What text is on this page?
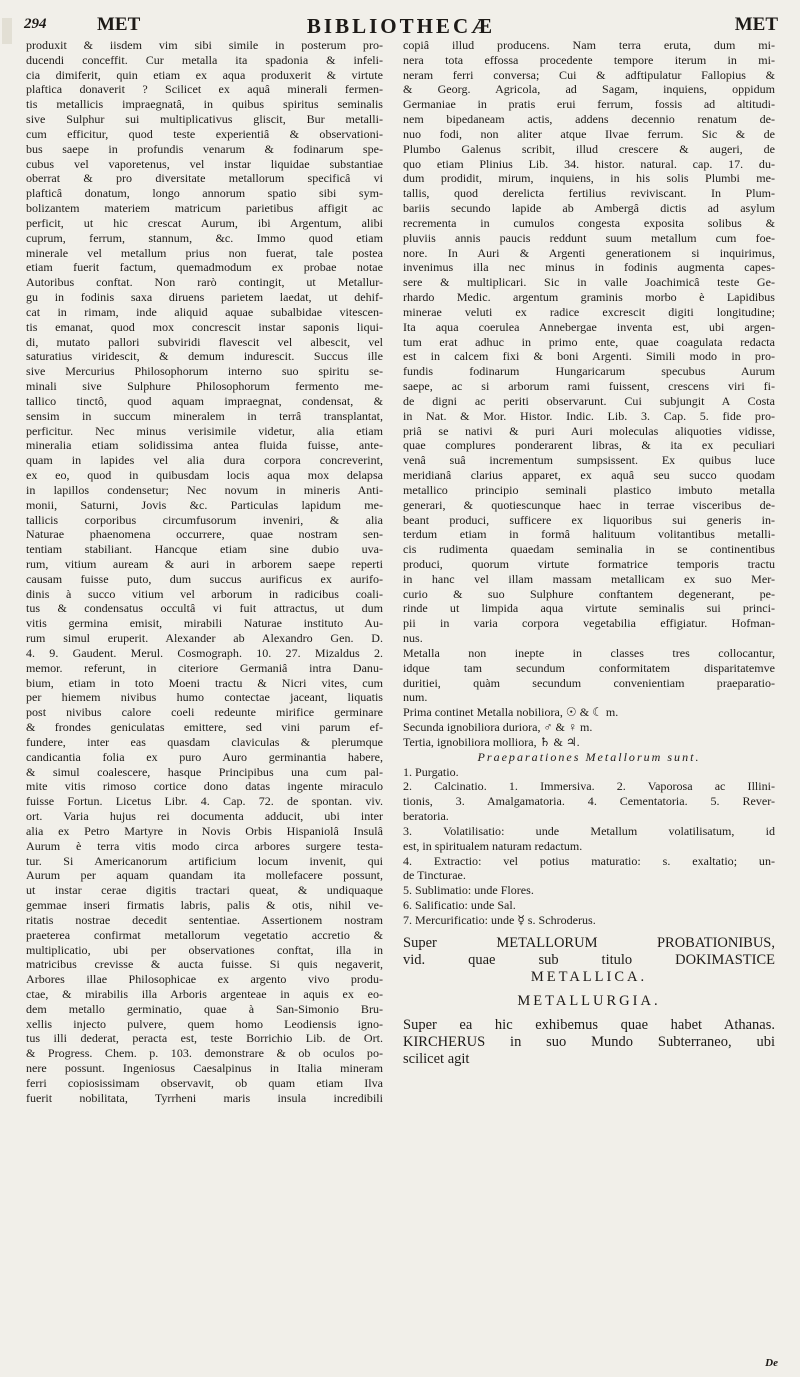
294	MET	BIBLIOTHECÆ	MET
produxit & iisdem vim sibi simile in posterum pro-
ducendi conceffit. Cur metalla ita spadonia & infeli-
cia dimiferit, quin etiam ex aqua produxerit & virtute
plaftica donaverit ? Scilicet ex aquâ minerali fermen-
tis metallicis impraegnatâ, in quibus spiritus seminalis
sive Sulphur sui multiplicativus gliscit, Bur metalli-
cum efficitur, quod teste experientiâ & observationi-
bus saepe in profundis venarum & fodinarum spe-
cubus vel vaporetenus, vel instar liquidae substantiae
oberrat & pro diversitate metallorum specificâ vi
plafticâ donatum, longo annorum spatio sibi sym-
bolizantem materiem matricum parietibus affigit ac
perficit, ut hic crescat Aurum, ibi Argentum, alibi
cuprum, ferrum, stannum, &c. Immo quod etiam
minerale vel metallum prius non fuerat, tale postea
etiam fuerit factum, quemadmodum ex probae notae
Autoribus conftat. Non rarò contingit, ut Metallur-
gu in fodinis saxa diruens parietem laedat, ut dehif-
cat in rimam, inde aliquid aquae subalbidae vitescen-
tis emanat, quod mox concrescit instar saponis liqui-
di, mutato pallori subviridi flavescit vel albescit, vel
saturatius viridescit, & demum indurescit. Succus ille
sive Mercurius Philosophorum interno suo spiritu se-
minali sive Sulphure Philosophorum fermento me-
tallico tinctô, quod aquam impraegnat, condensat, &
sensim in succum mineralem in terrâ transplantat,
perficitur. Nec minus verisimile videtur, alia etiam
mineralia etiam solidissima antea fluida fuisse, ante-
quam in lapides vel alia dura corpora concreverint,
ex eo, quod in quibusdam locis aqua mox delapsa
in lapillos condensetur; Nec novum in mineris Anti-
monii, Saturni, Jovis &c. Particulas lapidum me-
tallicis corporibus circumfusorum inveniri, & alia
Naturae phaenomena occurrere, quae nostram sen-
tentiam stabiliant. Hancque etiam sine dubio uva-
rum, vitium auream & auri in arborem saepe reperti
causam fuisse puto, dum succus aurificus ex aurifo-
dinis à succo vitium vel arborum in radicibus coali-
tus & condensatus occultâ vi fuit attractus, ut dum
vitis germina emisit, mirabili Naturae instituto Au-
rum simul eruperit. Alexander ab Alexandro Gen. D.
4. 9. Gaudent. Merul. Cosmograph. 10. 27. Mizaldus 2.
memor. referunt, in citeriore Germaniâ intra Danu-
bium, etiam in toto Moeni tractu & Nicri vites, cum
per hiemem nivibus humo contectae jaceant, liquatis
post nivibus calore coeli redeunte mirifice germinare
& frondes geniculatas emittere, sed vini parum ef-
fundere, inter eas quasdam claviculas & plerumque
candicantia folia ex puro Auro germinantia habere,
& simul coalescere, hasque Principibus una cum pal-
mite vitis rimoso cortice dono datas ingente miraculo
fuisse Fortun. Licetus Libr. 4. Cap. 72. de spontan. viv.
ort. Varia hujus rei documenta adducit, ubi inter
alia ex Petro Martyre in Novis Orbis Hispaniolâ Insulâ
Aurum è terra vitis modo circa arbores surgere testa-
tur. Si Americanorum artificium locum invenit, qui
Aurum per aquam quandam ita mollefacere possunt,
ut instar cerae digitis tractari queat, & undiquaque
gemmae inseri firmatis labris, palis & otis, nihil ve-
ritatis nostrae decedit sententiae. Assertionem nostram
praeterea confirmat metallorum vegetatio accretio &
multiplicatio, ubi per observationes conftat, illa in
matricibus crevisse & aucta fuisse. Si quis negaverit,
Arbores illae Philosophicae ex argento vivo produ-
ctae, & mirabilis illa Arboris argenteae in aquis ex eo-
dem metallo germinatio, quae à San-Simonio Bru-
xellis injecto pulvere, quem homo Leodiensis igno-
tus illi dederat, peracta est, teste Borrichio Lib. de Ort.
& Progress. Chem. p. 103. demonstrare & ob oculos po-
nere possunt. Ingeniosus Caesalpinus in Italia mineram
ferri copiosissimam observavit, ob quam etiam Ilva
fuerit nobilitata, Tyrrheni maris insula incredibili
copiâ illud producens. Nam terra eruta, dum mi-
nera tota effossa procedente tempore iterum in mi-
neram ferri conversa; Cui & adftipulatur Fallopius &
& Georg. Agricola, ad Sagam, inquiens, oppidum
Germaniae in pratis erui ferrum, fossis ad altitudi-
nem bipedaneam actis, addens decennio renatum de-
nuo fodi, non aliter atque Ilvae ferrum. Sic & de
Plumbo Galenus scribit, illud crescere & augeri, de
quo etiam Plinius Lib. 34. histor. natural. cap. 17. du-
dum prodidit, mirum, inquiens, in his solis Plumbi me-
tallis, quod derelicta fertilius reviviscant. In Plum-
bariis secundo lapide ab Ambergâ dictis ad asylum
recrementa in cumulos congesta exposita solibus &
pluviis annis paucis reddunt suum metallum cum foe-
nore. In Auri & Argenti generationem si inquirimus,
invenimus illa nec minus in fodinis augmenta capes-
sere & multiplicari. Sic in valle Joachimicâ teste Ge-
rhardo Medic. argentum graminis morbo è Lapidibus
minerae veluti ex radice excrescit digiti longitudine;
Ita aqua coerulea Annebergae inventa est, ubi argen-
tum erat adhuc in primo ente, quae coagulata redacta
est in calcem fixi & boni Argenti. Simili modo in pro-
fundis fodinarum Hungaricarum specubus Aurum
saepe, ac si arborum rami fuissent, crescens viri fi-
de digni ac periti observarunt. Cui subjungit A Costa
in Nat. & Mor. Histor. Indic. Lib. 3. Cap. 5. fide pro-
priâ se nativi & puri Auri moleculas aliquoties vidisse,
quae complures ponderarent libras, & ita ex peculiari
venâ suâ incrementum sumpsissent. Ex quibus luce
meridianâ clarius apparet, ex aquâ seu succo quodam
metallico principio seminali plastico imbuto metalla
generari, & quotiescunque haec in terrae visceribus de-
beant produci, sufficere ex liquoribus sui generis in-
terdum etiam in formâ halituum volitantibus metalli-
cis rudimenta quaedam seminalia in se continentibus
produci, quorum virtute formatrice temporis tractu
in hanc vel illam massam metallicam ex suo Mer-
curio & suo Sulphure conftantem degenerant, pe-
rinde ut limpida aqua virtute seminalis sui princi-
pii in varia corpora vegetabilia effigiatur. Hofman-
nus.
Metalla non inepte in classes tres collocantur,
idque tam secundum conformitatem disparitatemve
duritiei, quàm secundum convenientiam praeparatio-
num.
Prima continet Metalla nobiliora, ☉ & ☾ m.
Secunda ignobiliora duriora, ♂ & ♀ m.
Tertia, ignobiliora molliora, ♄ & ♃.
Praeparationes Metallorum sunt.
1. Purgatio.
2. Calcinatio. 1. Immersiva. 2. Vaporosa ac Illini-
tionis, 3. Amalgamatoria. 4. Cementatoria. 5. Rever-
beratoria.
3. Volatilisatio: unde Metallum volatilisatum, id
est, in spiritualem naturam redactum.
4. Extractio: vel potius maturatio: s. exaltatio; un-
de Tincturae.
5. Sublimatio: unde Flores.
6. Salificatio: unde Sal.
7. Mercurificatio: unde ☿ s. Schroderus.
Super METALLORUM PROBATIONIBUS,
vid. quae sub titulo DOKIMASTICE
METALLICA.
METALLURGIA.
Super ea hic exhibemus quae habet Athanas.
KIRCHERUS in suo Mundo Subterraneo, ubi
scilicet agit
De
